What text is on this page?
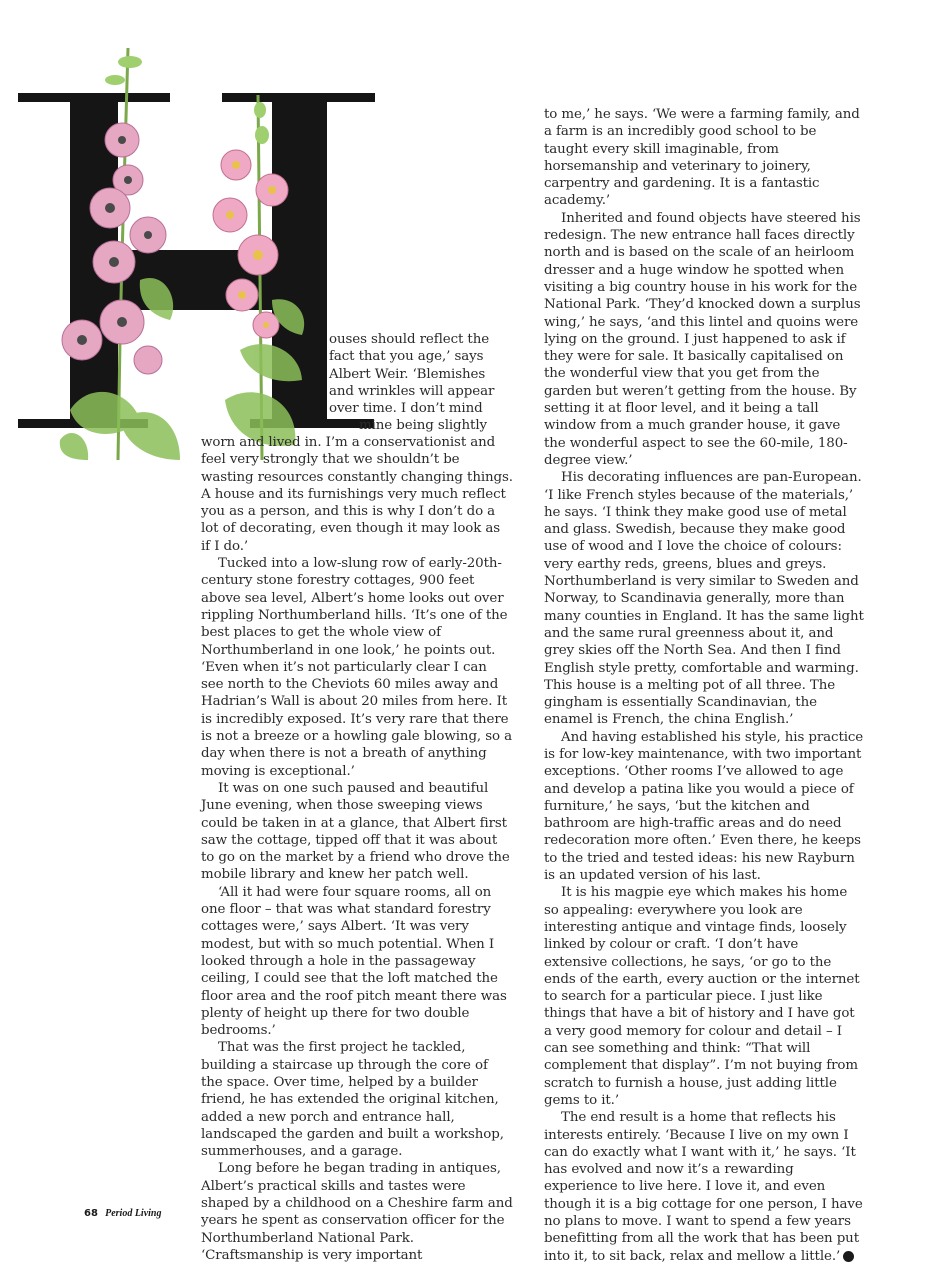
ouses should reflect the
fact that you age,’ says
Albert Weir. ‘Blemishes
and wrinkles will appear
over time. I don’t mind
mine being slightly

worn and lived in. I’m a conservationist and feel very strongly that we shouldn’t be wasting resources constantly changing things. A house and its furnishings very much reflect you as a person, and this is why I don’t do a lot of decorating, even though it may look as if I do.’

Tucked into a low-slung row of early-20th-century stone forestry cottages, 900 feet above sea level, Albert’s home looks out over rippling Northumberland hills. ‘It’s one of the best places to get the whole view of Northumberland in one look,’ he points out. ‘Even when it’s not particularly clear I can see north to the Cheviots 60 miles away and Hadrian’s Wall is about 20 miles from here. It is incredibly exposed. It’s very rare that there is not a breeze or a howling gale blowing, so a day when there is not a breath of anything moving is exceptional.’

It was on one such paused and beautiful June evening, when those sweeping views could be taken in at a glance, that Albert first saw the cottage, tipped off that it was about to go on the market by a friend who drove the mobile library and knew her patch well.

‘All it had were four square rooms, all on one floor – that was what standard forestry cottages were,’ says Albert. ‘It was very modest, but with so much potential. When I looked through a hole in the passageway ceiling, I could see that the loft matched the floor area and the roof pitch meant there was plenty of height up there for two double bedrooms.’

That was the first project he tackled, building a staircase up through the core of the space. Over time, helped by a builder friend, he has extended the original kitchen, added a new porch and entrance hall, landscaped the garden and built a workshop, summerhouses, and a garage.

Long before he began trading in antiques, Albert’s practical skills and tastes were shaped by a childhood on a Cheshire farm and years he spent as conservation officer for the Northumberland National Park. ‘Craftsmanship is very important

to me,’ he says. ‘We were a farming family, and a farm is an incredibly good school to be taught every skill imaginable, from horsemanship and veterinary to joinery, carpentry and gardening. It is a fantastic academy.’

Inherited and found objects have steered his redesign. The new entrance hall faces directly north and is based on the scale of an heirloom dresser and a huge window he spotted when visiting a big country house in his work for the National Park. ‘They’d knocked down a surplus wing,’ he says, ‘and this lintel and quoins were lying on the ground. I just happened to ask if they were for sale. It basically capitalised on the wonderful view that you get from the garden but weren’t getting from the house. By setting it at floor level, and it being a tall window from a much grander house, it gave the wonderful aspect to see the 60-mile, 180-degree view.’

His decorating influences are pan-European. ‘I like French styles because of the materials,’ he says. ‘I think they make good use of metal and glass. Swedish, because they make good use of wood and I love the choice of colours: very earthy reds, greens, blues and greys. Northumberland is very similar to Sweden and Norway, to Scandinavia generally, more than many counties in England. It has the same light and the same rural greenness about it, and grey skies off the North Sea. And then I find English style pretty, comfortable and warming. This house is a melting pot of all three. The gingham is essentially Scandinavian, the enamel is French, the china English.’

And having established his style, his practice is for low-key maintenance, with two important exceptions. ‘Other rooms I’ve allowed to age and develop a patina like you would a piece of furniture,’ he says, ‘but the kitchen and bathroom are high-traffic areas and do need redecoration more often.’ Even there, he keeps to the tried and tested ideas: his new Rayburn is an updated version of his last.

It is his magpie eye which makes his home so appealing: everywhere you look are interesting antique and vintage finds, loosely linked by colour or craft. ‘I don’t have extensive collections, he says, ‘or go to the ends of the earth, every auction or the internet to search for a particular piece. I just like things that have a bit of history and I have got a very good memory for colour and detail – I can see something and think: “That will complement that display”. I’m not buying from scratch to furnish a house, just adding little gems to it.’

The end result is a home that reflects his interests entirely. ‘Because I live on my own I can do exactly what I want with it,’ he says. ‘It has evolved and now it’s a rewarding experience to live here. I love it, and even though it is a big cottage for one person, I have no plans to move. I want to spend a few years benefitting from all the work that has been put into it, to sit back, relax and mellow a little.’	PL

68 Period Living
